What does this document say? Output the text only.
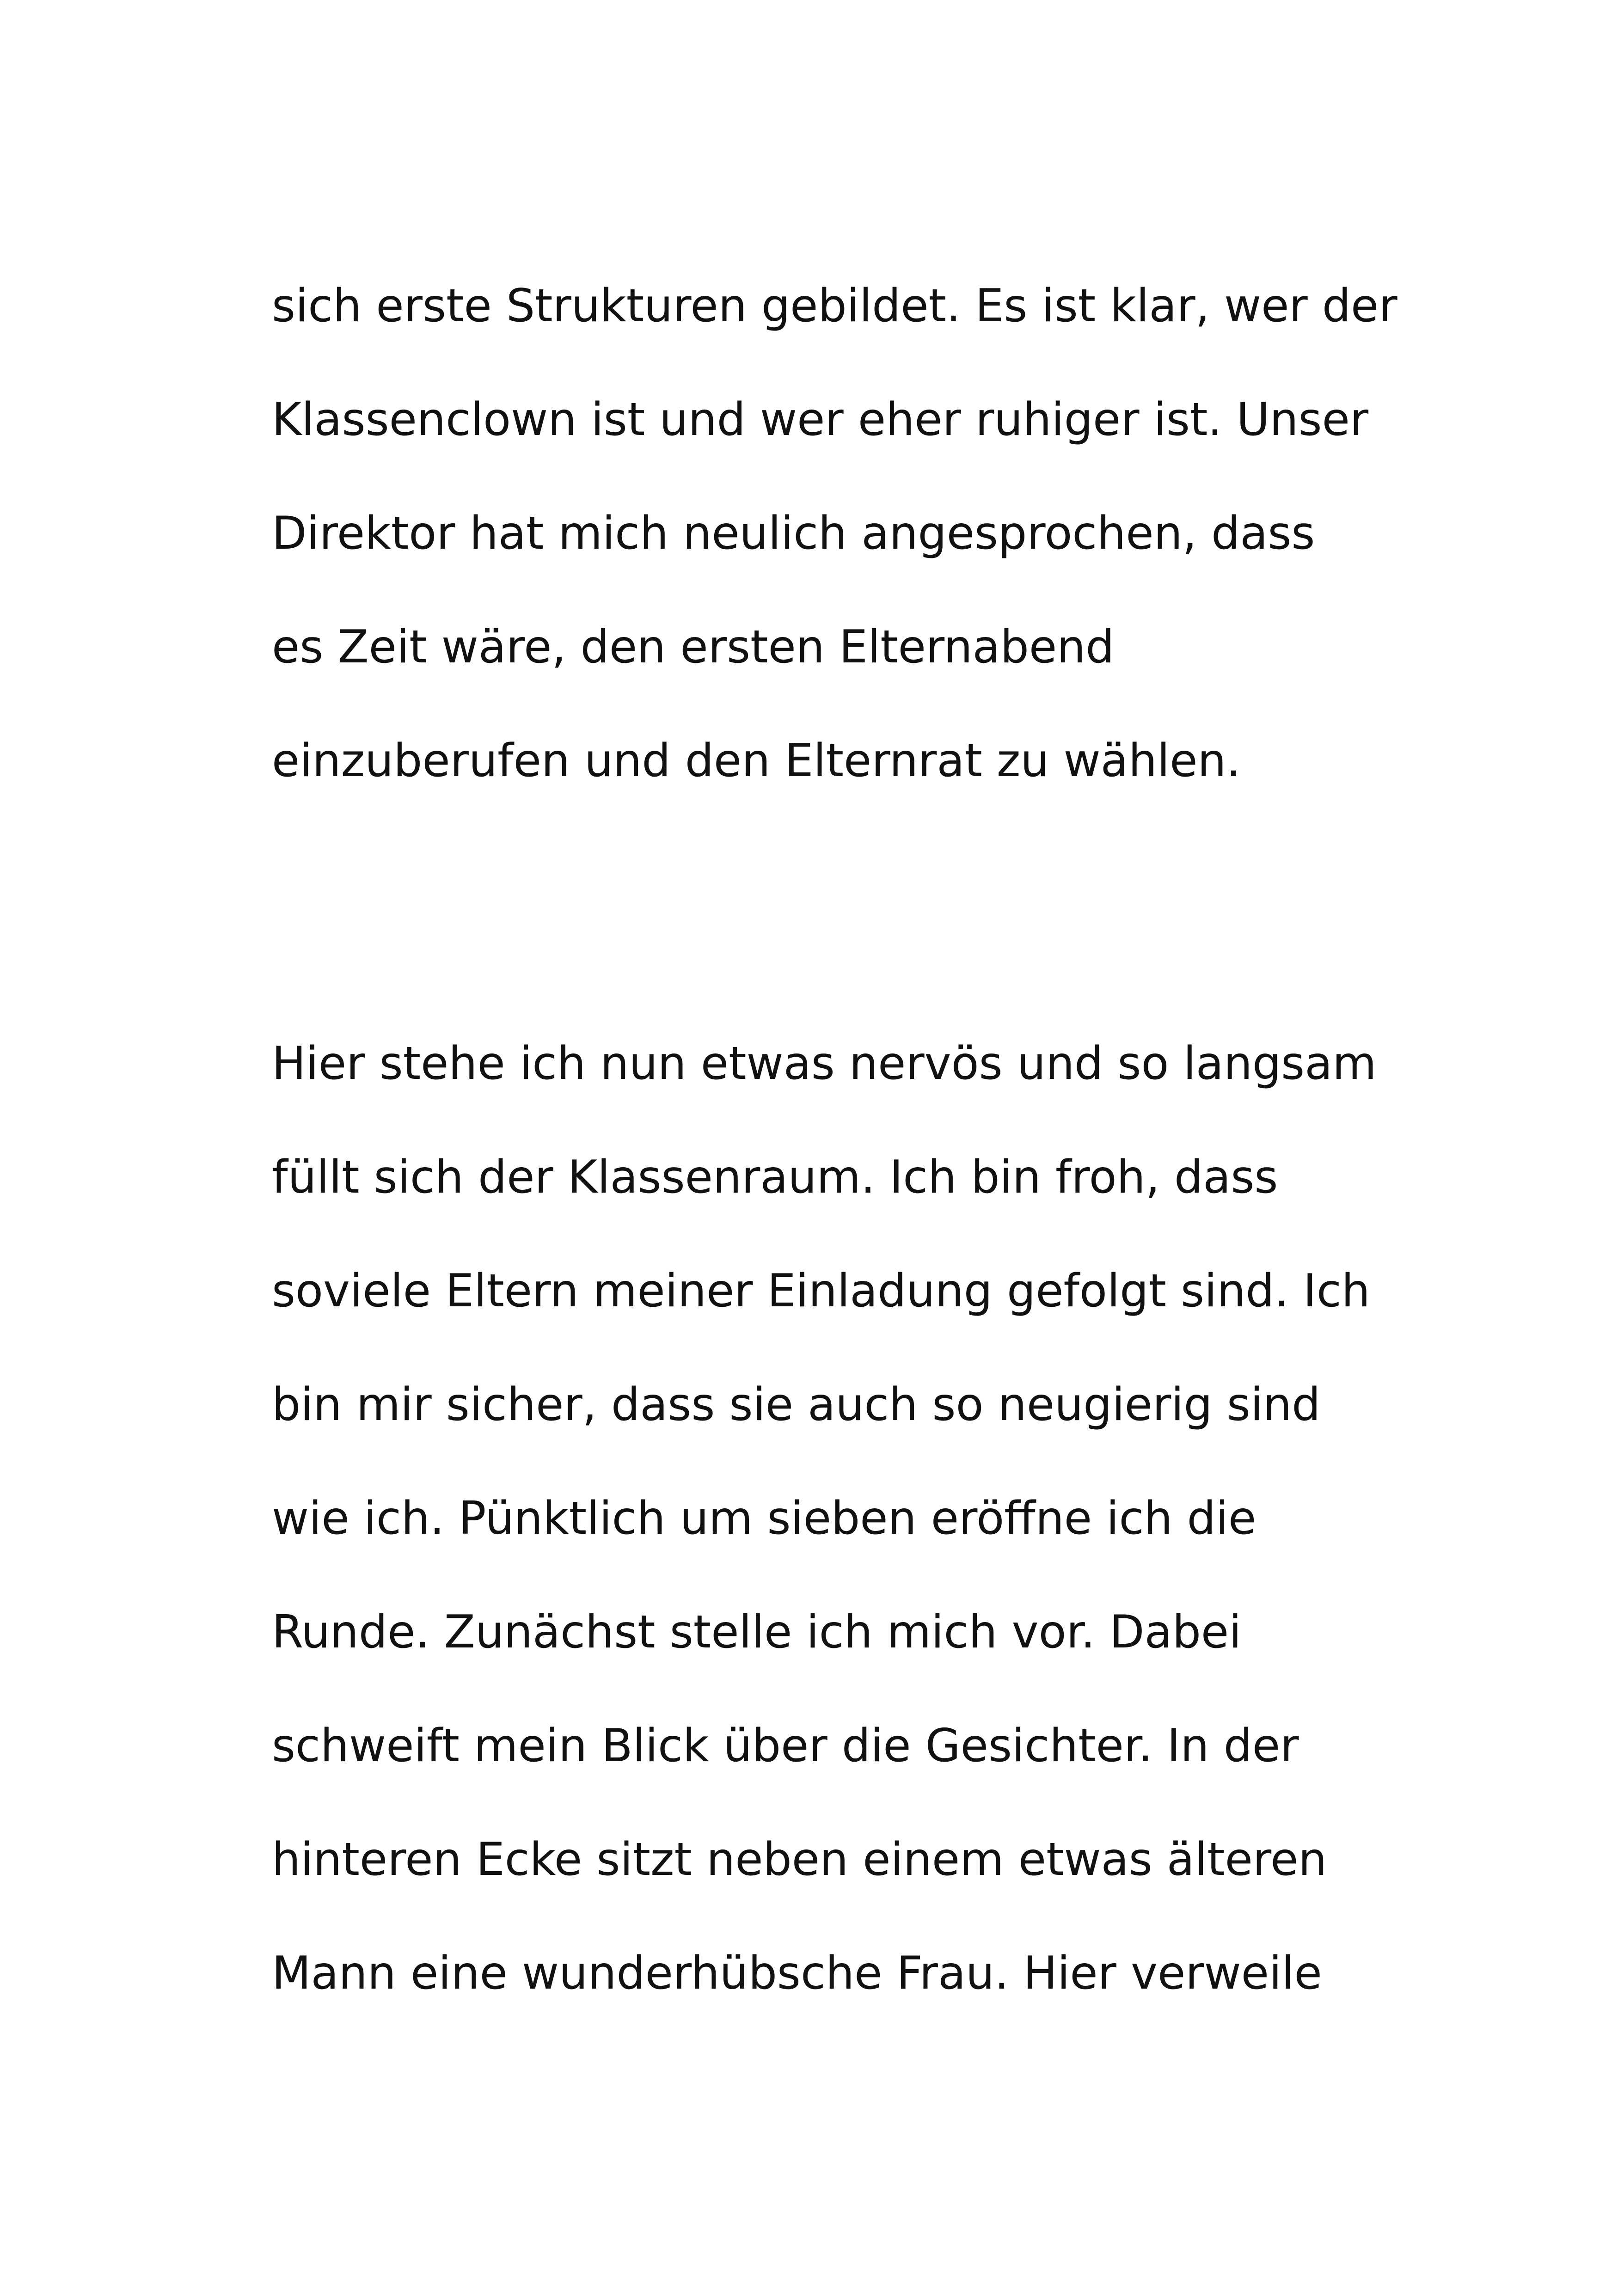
sich erste Strukturen gebildet. Es ist klar, wer der

Klassenclown ist und wer eher ruhiger ist. Unser

Direktor hat mich neulich angesprochen, dass

es Zeit wäre, den ersten Elternabend

einzuberufen und den Elternrat zu wählen.

Hier stehe ich nun etwas nervös und so langsam

füllt sich der Klassenraum. Ich bin froh, dass

soviele Eltern meiner Einladung gefolgt sind. Ich

bin mir sicher, dass sie auch so neugierig sind

wie ich. Pünktlich um sieben eröffne ich die

Runde. Zunächst stelle ich mich vor. Dabei

schweift mein Blick über die Gesichter. In der

hinteren Ecke sitzt neben einem etwas älteren

Mann eine wunderhübsche Frau. Hier verweile
